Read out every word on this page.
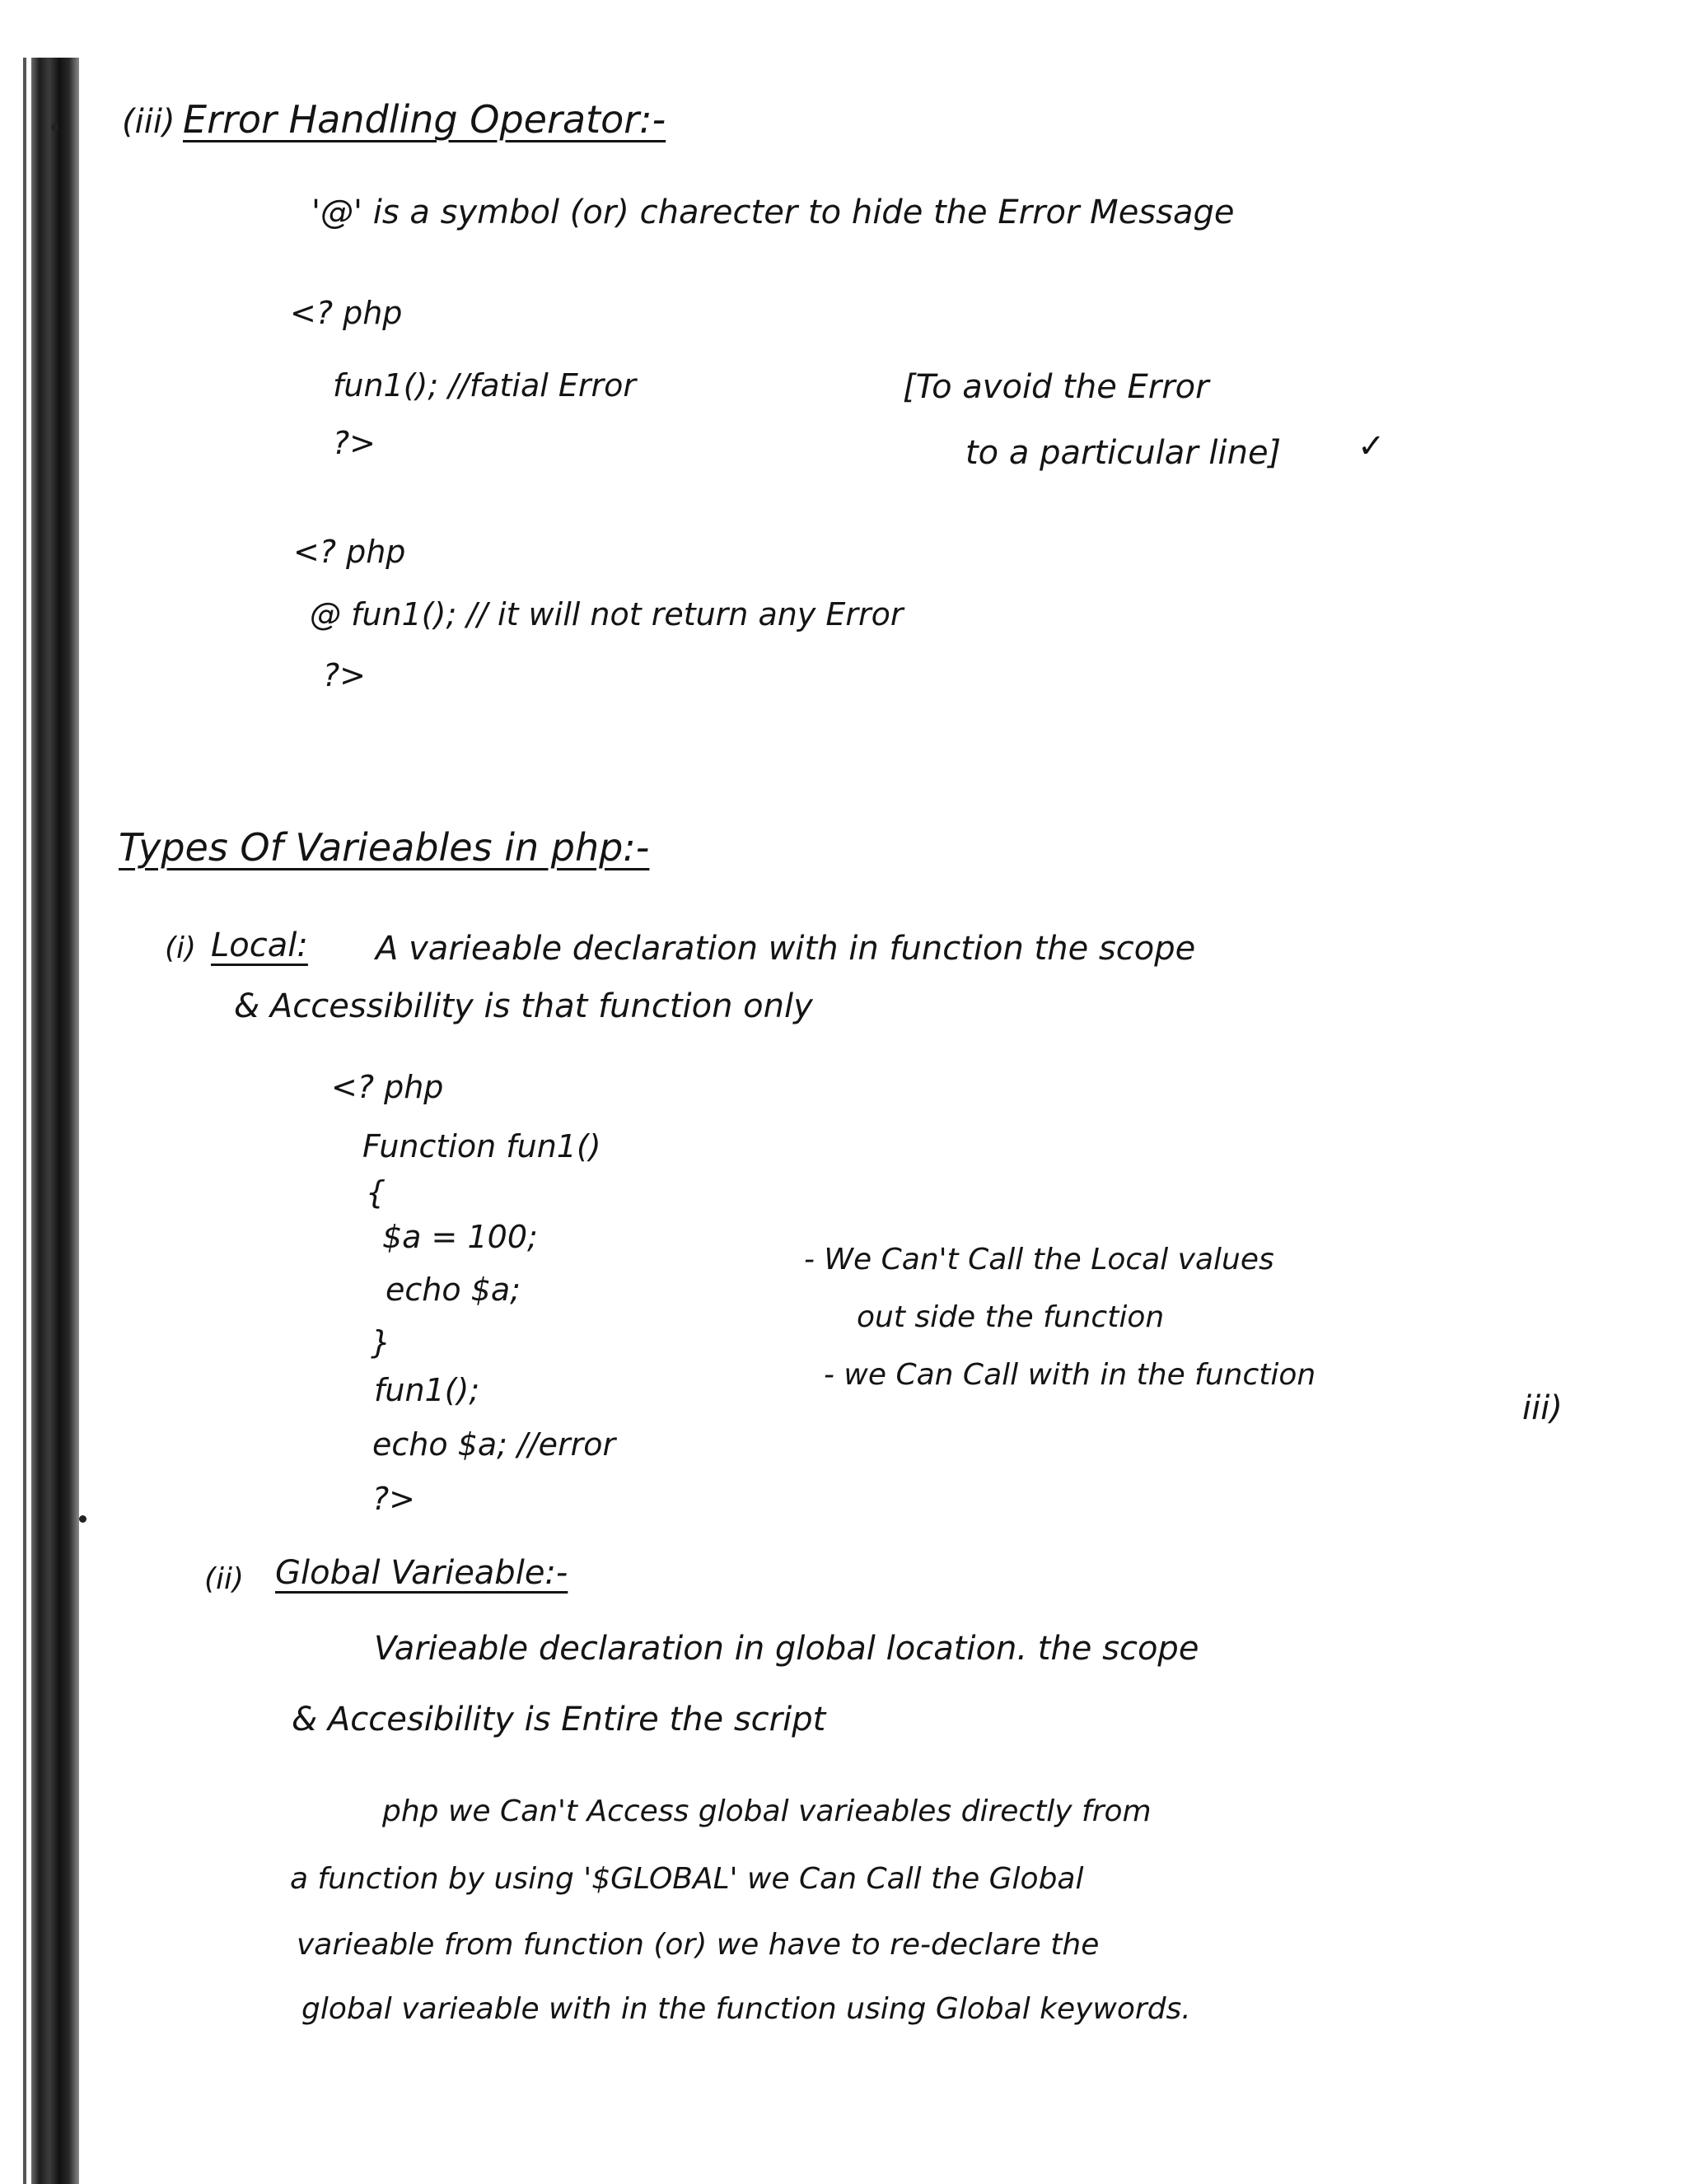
(iii) Error Handling Operator:-
'@' is a symbol (or) charecter to hide the Error Message
<? php
fun1(); //fatial Error
?>
[To avoid the Error
to a particular line] ✓
<? php
@ fun1(); // it will not return any Error
?>
Types Of Varieables in php:-
(i) Local: A varieable declaration with in function the scope
& Accessibility is that function only
<? php
Function fun1()
{
$a = 100;
echo $a;
}
fun1();
echo $a; //error
?>
- We Can't Call the Local values
out side the function
- we Can Call with in the function
iii)
(ii) Global Varieable:-
Varieable declaration in global location. the scope
& Accesibility is Entire the script
php we Can't Access global varieables directly from
a function by using '$GLOBAL' we Can Call the Global
varieable from function (or) we have to re-declare the
global varieable with in the function using Global keywords.
